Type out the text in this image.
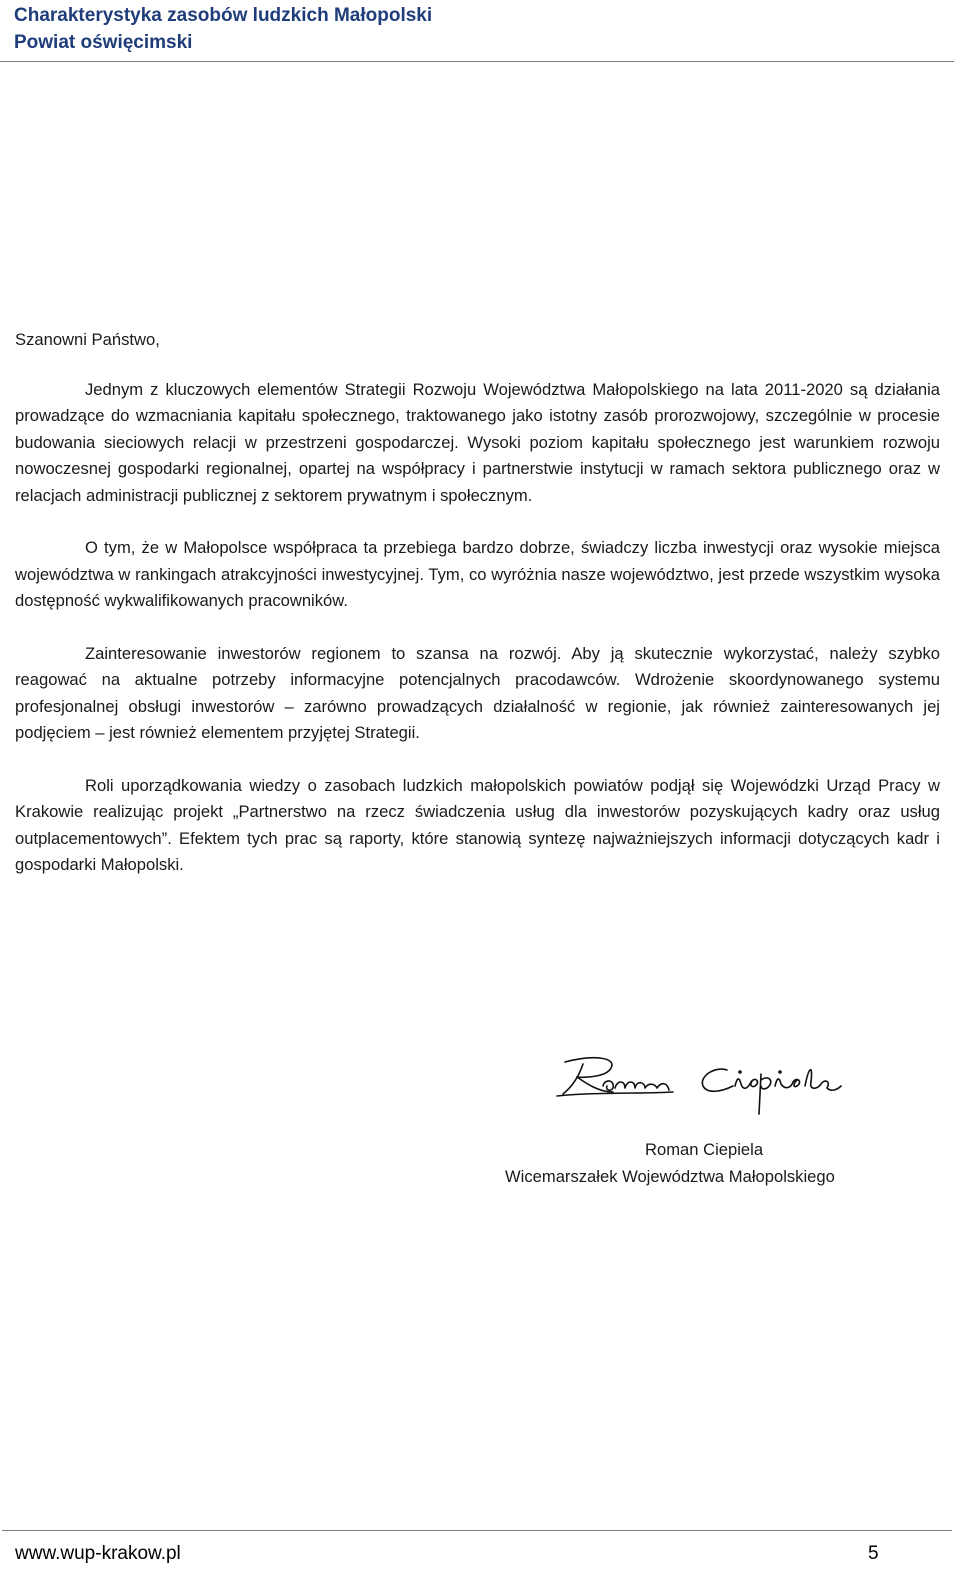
Charakterystyka zasobów ludzkich Małopolski
Powiat oświęcimski
Szanowni Państwo,

Jednym z kluczowych elementów Strategii Rozwoju Województwa Małopolskiego na lata 2011-2020 są działania prowadzące do wzmacniania kapitału społecznego, traktowanego jako istotny zasób prorozwojowy, szczególnie w procesie budowania sieciowych relacji w przestrzeni gospodarczej. Wysoki poziom kapitału społecznego jest warunkiem rozwoju nowoczesnej gospodarki regionalnej, opartej na współpracy i partnerstwie instytucji w ramach sektora publicznego oraz w relacjach administracji publicznej z sektorem prywatnym i społecznym.

O tym, że w Małopolsce współpraca ta przebiega bardzo dobrze, świadczy liczba inwestycji oraz wysokie miejsca województwa w rankingach atrakcyjności inwestycyjnej. Tym, co wyróżnia nasze województwo, jest przede wszystkim wysoka dostępność wykwalifikowanych pracowników.

Zainteresowanie inwestorów regionem to szansa na rozwój. Aby ją skutecznie wykorzystać, należy szybko reagować na aktualne potrzeby informacyjne potencjalnych pracodawców. Wdrożenie skoordynowanego systemu profesjonalnej obsługi inwestorów – zarówno prowadzących działalność w regionie, jak również zainteresowanych jej podjęciem – jest również elementem przyjętej Strategii.

Roli uporządkowania wiedzy o zasobach ludzkich małopolskich powiatów podjął się Wojewódzki Urząd Pracy w Krakowie realizując projekt „Partnerstwo na rzecz świadczenia usług dla inwestorów pozyskujących kadry oraz usług outplacementowych”. Efektem tych prac są raporty, które stanowią syntezę najważniejszych informacji dotyczących kadr i gospodarki Małopolski.

Roman Ciepiela
Wicemarszałek Województwa Małopolskiego
www.wup-krakow.pl	5
